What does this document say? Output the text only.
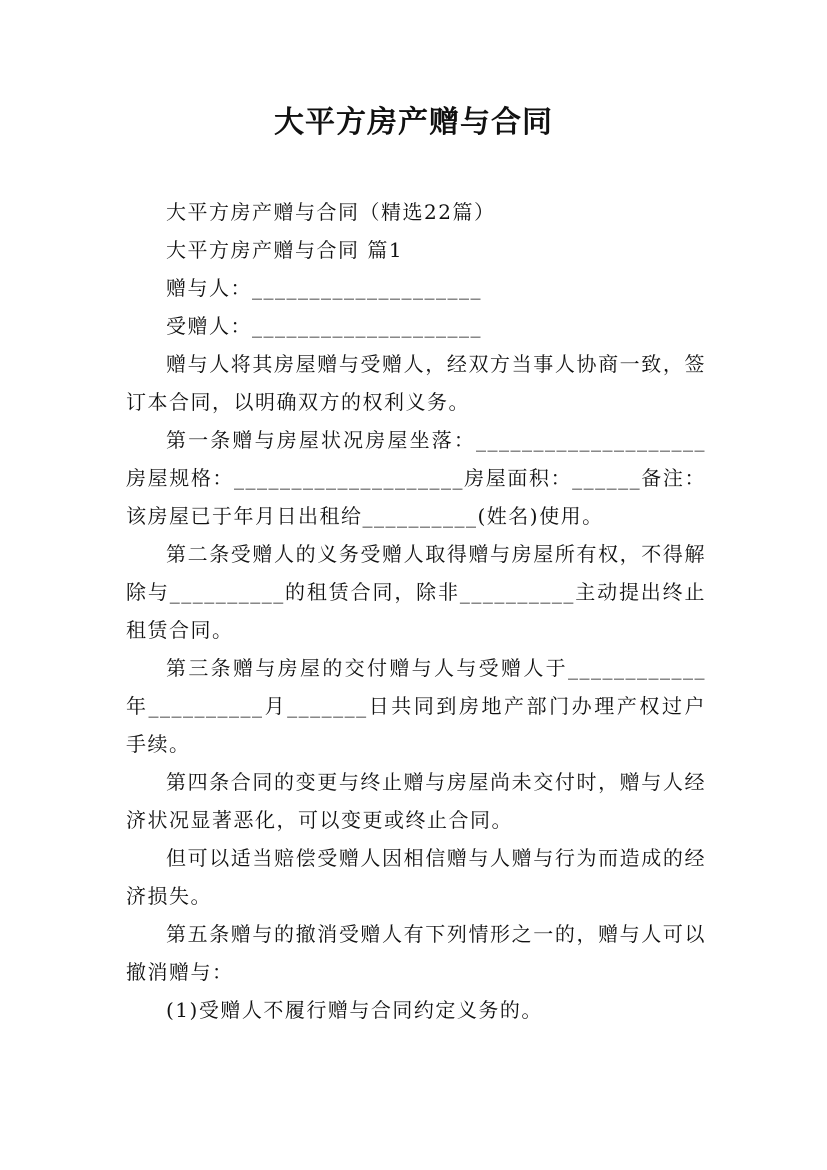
大平方房产赠与合同

大平方房产赠与合同（精选22篇）

大平方房产赠与合同 篇1

赠与人：____________________

受赠人：____________________

赠与人将其房屋赠与受赠人，经双方当事人协商一致，签订本合同，以明确双方的权利义务。

第一条赠与房屋状况房屋坐落：____________________房屋规格：____________________房屋面积：______备注：该房屋已于年月日出租给__________(姓名)使用。

第二条受赠人的义务受赠人取得赠与房屋所有权，不得解除与__________的租赁合同，除非__________主动提出终止租赁合同。

第三条赠与房屋的交付赠与人与受赠人于____________年__________月_______日共同到房地产部门办理产权过户手续。

第四条合同的变更与终止赠与房屋尚未交付时，赠与人经济状况显著恶化，可以变更或终止合同。

但可以适当赔偿受赠人因相信赠与人赠与行为而造成的经济损失。

第五条赠与的撤消受赠人有下列情形之一的，赠与人可以撤消赠与：

(1)受赠人不履行赠与合同约定义务的。
